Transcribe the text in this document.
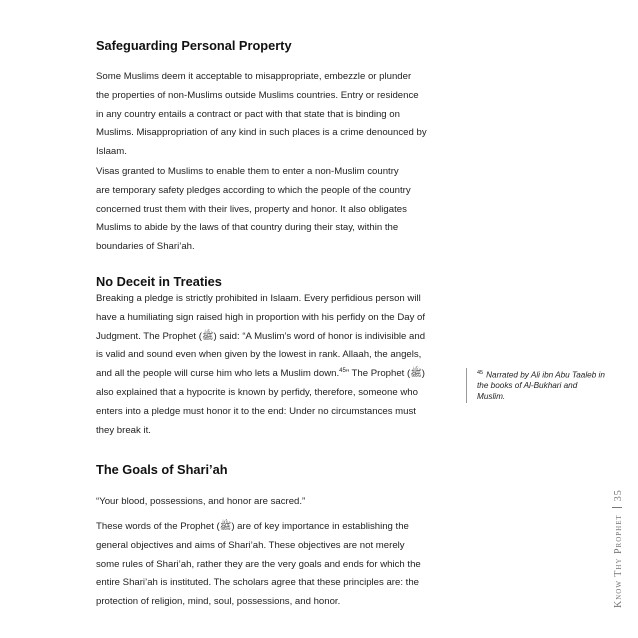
Safeguarding Personal Property

Some Muslims deem it acceptable to misappropriate, embezzle or plunder
the properties of non-Muslims outside Muslims countries. Entry or residence
in any country entails a contract or pact with that state that is binding on
Muslims. Misappropriation of any kind in such places is a crime denounced by
Islaam.

Visas granted to Muslims to enable them to enter a non-Muslim country
are temporary safety pledges according to which the people of the country
concerned trust them with their lives, property and honor. It also obligates
Muslims to abide by the laws of that country during their stay, within the
boundaries of Shari’ah.

No Deceit in Treaties

Breaking a pledge is strictly prohibited in Islaam. Every perfidious person will
have a humiliating sign raised high in proportion with his perfidy on the Day of
Judgment. The Prophet (ﷺ) said: “A Muslim’s word of honor is indivisible and
is valid and sound even when given by the lowest in rank. Allaah, the angels,
and all the people will curse him who lets a Muslim down.$^{45}$” The Prophet (ﷺ)
also explained that a hypocrite is known by perfidy, therefore, someone who
enters into a pledge must honor it to the end: Under no circumstances must
they break it.

$^{45}$ Narrated by Ali ibn Abu Taaleb in the books of Al-Bukhari and Muslim.
The Goals of Shari’ah

“Your blood, possessions, and honor are sacred.”

These words of the Prophet (ﷺ) are of key importance in establishing the
general objectives and aims of Shari’ah. These objectives are not merely
some rules of Shari’ah, rather they are the very goals and ends for which the
entire Shari’ah is instituted. The scholars agree that these principles are: the
protection of religion, mind, soul, possessions, and honor.	Know Thy Prophet35
